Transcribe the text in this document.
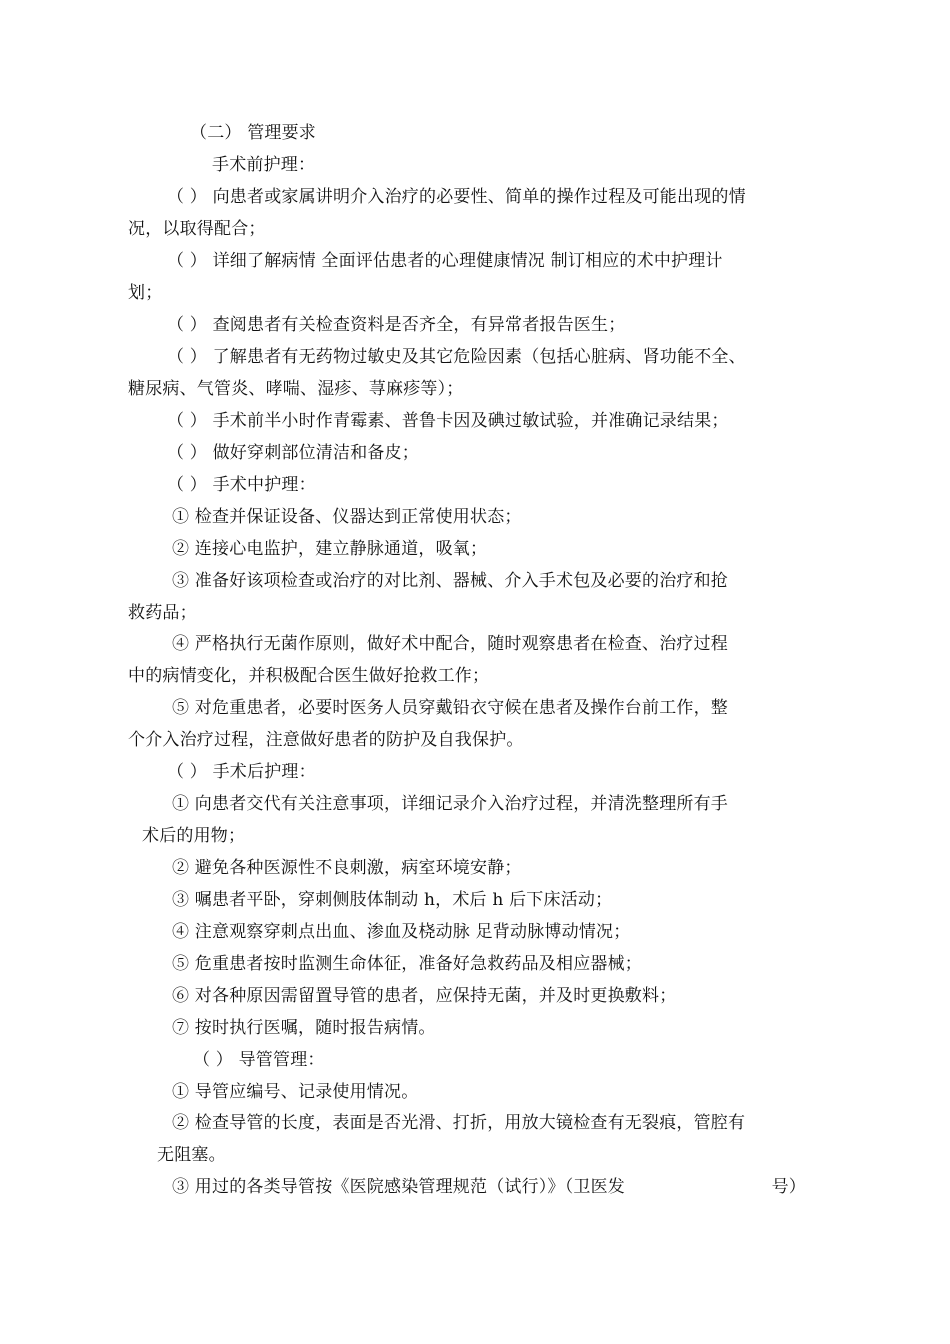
（二） 管理要求
手术前护理：
（ ） 向患者或家属讲明介入治疗的必要性、简单的操作过程及可能出现的情
况，以取得配合；
（ ） 详细了解病情 全面评估患者的心理健康情况 制订相应的术中护理计
划；
（ ） 查阅患者有关检查资料是否齐全，有异常者报告医生；
（ ） 了解患者有无药物过敏史及其它危险因素（包括心脏病、肾功能不全、
糖尿病、气管炎、哮喘、湿疹、荨麻疹等）；
（ ） 手术前半小时作青霉素、普鲁卡因及碘过敏试验，并准确记录结果；
（ ） 做好穿刺部位清洁和备皮；
（ ） 手术中护理：
① 检查并保证设备、仪器达到正常使用状态；
② 连接心电监护，建立静脉通道，吸氧；
③ 准备好该项检查或治疗的对比剂、器械、介入手术包及必要的治疗和抢
救药品；
④ 严格执行无菌作原则，做好术中配合，随时观察患者在检查、治疗过程
中的病情变化，并积极配合医生做好抢救工作；
⑤ 对危重患者，必要时医务人员穿戴铅衣守候在患者及操作台前工作，整
个介入治疗过程，注意做好患者的防护及自我保护。
（ ） 手术后护理：
① 向患者交代有关注意事项，详细记录介入治疗过程，并清洗整理所有手
术后的用物；
② 避免各种医源性不良刺激，病室环境安静；
③ 嘱患者平卧，穿刺侧肢体制动 h，术后 h 后下床活动；
④ 注意观察穿刺点出血、渗血及桡动脉 足背动脉博动情况；
⑤ 危重患者按时监测生命体征，准备好急救药品及相应器械；
⑥ 对各种原因需留置导管的患者，应保持无菌，并及时更换敷料；
⑦ 按时执行医嘱，随时报告病情。
（ ） 导管管理：
① 导管应编号、记录使用情况。
② 检查导管的长度，表面是否光滑、打折，用放大镜检查有无裂痕，管腔有
无阻塞。
③ 用过的各类导管按《医院感染管理规范（试行）》（卫医发	号）
